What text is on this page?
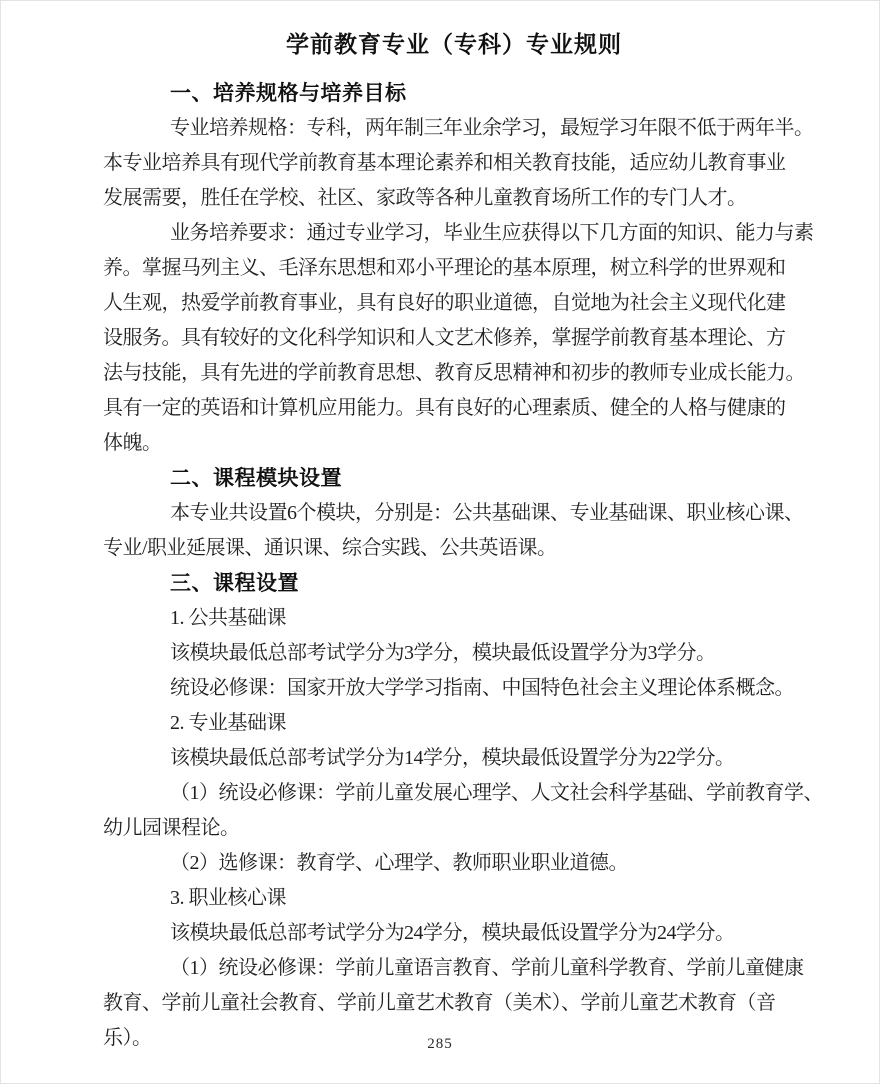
学前教育专业（专科）专业规则
一、培养规格与培养目标
专业培养规格：专科，两年制三年业余学习，最短学习年限不低于两年半。
本专业培养具有现代学前教育基本理论素养和相关教育技能，适应幼儿教育事业
发展需要，胜任在学校、社区、家政等各种儿童教育场所工作的专门人才。
业务培养要求：通过专业学习，毕业生应获得以下几方面的知识、能力与素
养。掌握马列主义、毛泽东思想和邓小平理论的基本原理，树立科学的世界观和
人生观，热爱学前教育事业，具有良好的职业道德，自觉地为社会主义现代化建
设服务。具有较好的文化科学知识和人文艺术修养，掌握学前教育基本理论、方
法与技能，具有先进的学前教育思想、教育反思精神和初步的教师专业成长能力。
具有一定的英语和计算机应用能力。具有良好的心理素质、健全的人格与健康的
体魄。
二、课程模块设置
本专业共设置6个模块，分别是：公共基础课、专业基础课、职业核心课、
专业/职业延展课、通识课、综合实践、公共英语课。
三、课程设置
1. 公共基础课
该模块最低总部考试学分为3学分，模块最低设置学分为3学分。
统设必修课：国家开放大学学习指南、中国特色社会主义理论体系概念。
2. 专业基础课
该模块最低总部考试学分为14学分，模块最低设置学分为22学分。
（1）统设必修课：学前儿童发展心理学、人文社会科学基础、学前教育学、
幼儿园课程论。
（2）选修课：教育学、心理学、教师职业职业道德。
3. 职业核心课
该模块最低总部考试学分为24学分，模块最低设置学分为24学分。
（1）统设必修课：学前儿童语言教育、学前儿童科学教育、学前儿童健康
教育、学前儿童社会教育、学前儿童艺术教育（美术）、学前儿童艺术教育（音
乐）。	285
